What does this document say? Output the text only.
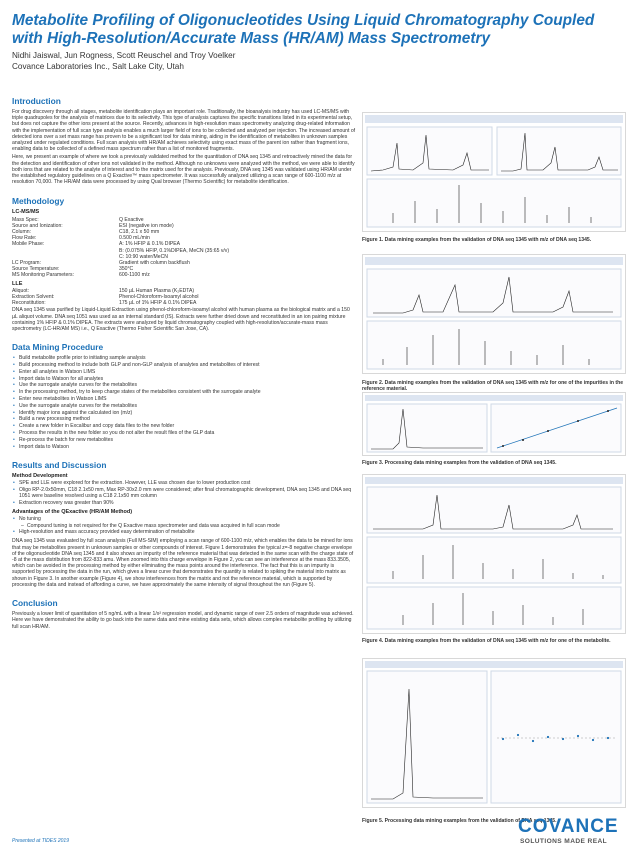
Metabolite Profiling of Oligonucleotides Using Liquid Chromatography Coupled with High-Resolution/Accurate Mass (HR/AM) Mass Spectrometry
Nidhi Jaiswal, Jun Rogness, Scott Reuschel and Troy Voelker
Covance Laboratories Inc., Salt Lake City, Utah
Introduction
For drug discovery through all stages, metabolite identification plays an important role. Traditionally, the bioanalysis industry has used LC-MS/MS with triple quadrupoles for the analysis of matrices due to its selectivity. This type of analysis captures the specific transitions listed in its experimental setup, but does not capture the other ions present at the source. Recently, advances in high-resolution mass spectrometry analyzing drug-related information with the implementation of full scan type analysis enables a much larger field of ions to be collected and analyzed per injection. The increased amount of detected ions over a set mass range has proven to be a significant tool for data mining, aiding in the identification of metabolites in unknown samples analyzed under regulated conditions. Full scan analysis with HR/AM achieves selectivity using exact mass of the parent ion rather than fragment ions, enabling data to be collected of a defined mass spectrum rather than a list of monitored fragments.
Here, we present an example of where we took a previously validated method for the quantitation of DNA seq 1345 and retroactively mined the data for the detection and identification of other ions not validated in the method. Although no unknowns were analyzed with the method, we were able to identify both ions that are related to the analyte of interest and to the matrix used for the analysis. Previously, DNA seq 1345 was validated using HR/AM under the established regulatory guidelines on a Q Exactive™ mass spectrometer. It was successfully analyzed utilizing a scan range of 600-1100 m/z at resolution 70,000. The HR/AM data were processed by using Qual browser (Thermo Scientific) for metabolite identification.
Methodology
LC-MS/MS
Mass Spec:	Q Exactive
Source and Ionization:	ESI (negative ion mode)
Column:	C18, 2.1 x 50 mm
Flow Rate:	0.500 mL/min
Mobile Phase:	A: 1% HFIP & 0.1% DIPEA
B: (0.075% HFIP, 0.1%DIPEA, MeCN (35:65 v/v)
C: 10:90 water/MeCN
LC Program:	Gradient with column backflush
Source Temperature:	350°C
MS Monitoring Parameters:	600-1100 m/z
LLE
Aliquot:	150 µL Human Plasma (K₂EDTA)
Extraction Solvent:	Phenol-Chloroform-Isoamyl alcohol
Reconstitution:	175 µL of 1% HFIP & 0.1% DIPEA
DNA seq 1345 was purified by Liquid-Liquid Extraction using phenol-chloroform-isoamyl alcohol with human plasma as the biological matrix and a 150 µL aliquot volume. DNA seq 1051 was used as an internal standard (IS). Extracts were further dried down and reconstituted in an ion pairing mixture containing 1% HFIP & 0.1% DIPEA. The extracts were analyzed by liquid chromatography coupled with high-resolution/accurate-mass mass spectrometry (LC-HR/AM MS) i.e., Q Exactive (Thermo Fisher Scientific San Jose, CA).
Data Mining Procedure
• Build metabolite profile prior to initiating sample analysis
• Build processing method to include both GLP and non-GLP analysis of analytes and metabolites of interest
• Enter all analytes in Watson LIMS
• Import data to Watson for all analytes
• Use the surrogate analyte curves for the metabolites
• In the processing method, try to keep charge states of the metabolites consistent with the surrogate analyte
• Enter new metabolites in Watson LIMS
• Use the surrogate analyte curves for the metabolites
• Identify major ions against the calculated ion (m/z)
• Build a new processing method
• Create a new folder in Excalibur and copy data files to the new folder
• Process the results in the new folder so you do not alter the result files of the GLP data
• Re-process the batch for new metabolites
• Import data to Watson
Results and Discussion
Method Development
• SPE and LLE were explored for the extraction. However, LLE was chosen due to lower production cost
• Oligo RP-2.0x50mm, C18 2.1x50 mm, Max RP-30x2.0 mm were considered; after final chromatographic development, DNA seq 1345 and DNA seq 1051 were baseline resolved using a C18 2.1x50 mm column
• Extraction recovery was greater than 90%
Advantages of the QExactive (HR/AM Method)
• No tuning
– Compound tuning is not required for the Q Exactive mass spectrometer and data was acquired in full scan mode
• High-resolution and mass accuracy provided easy determination of metabolite
DNA seq 1345 was evaluated by full scan analysis (Full MS-SIM) employing a scan range of 600-1100 m/z, which enables the data to be mined for ions that may be metabolites present in unknown samples or other compounds of interest. Figure 1 demonstrates the typical z=-8 negative charge envelope of the oligonucleotide DNA seq 1345 and it also shows an impurity of the reference material that was detected in the same scan with the charge state of -8 at the mass distribution from 822-833 amu. When zoomed into this charge envelope in Figure 2, you can see an interference at the mass 833.3505, which can be avoided in the processing method by either eliminating the mass points around the interference. The fact that this is an impurity is supported by processing the data in the run, which gives a linear curve that demonstrates the quantity is related to spiking the material into matrix as shown in Figure 3. In another example (Figure 4), we show interferences from the matrix and not the reference material, which is supported by processing the data and instead of affording a curve, we have approximately the same intensity of signal throughout the run (Figure 5).
Conclusion
Previously a lower limit of quantitation of 5 ng/mL with a linear 1/x² regression model, and dynamic range of over 2.5 orders of magnitude was achieved. Here we have demonstrated the ability to go back into the same data and mine existing data sets, which allows complex metabolite profiling by utilizing full scan HR/AM.
Figure 1. Data mining examples from the validation of DNA seq 1345 with m/z of DNA seq 1345.
Figure 2. Data mining examples from the validation of DNA seq 1345 with m/z for one of the impurities in the reference material.
Figure 3. Processing data mining examples from the validation of DNA seq 1345.
Figure 4. Data mining examples from the validation of DNA seq 1345 with m/z for one of the metabolite.
Figure 5. Processing data mining examples from the validation of DNA seq 1345.
Presented at TIDES 2019
COVANCE
SOLUTIONS MADE REAL
